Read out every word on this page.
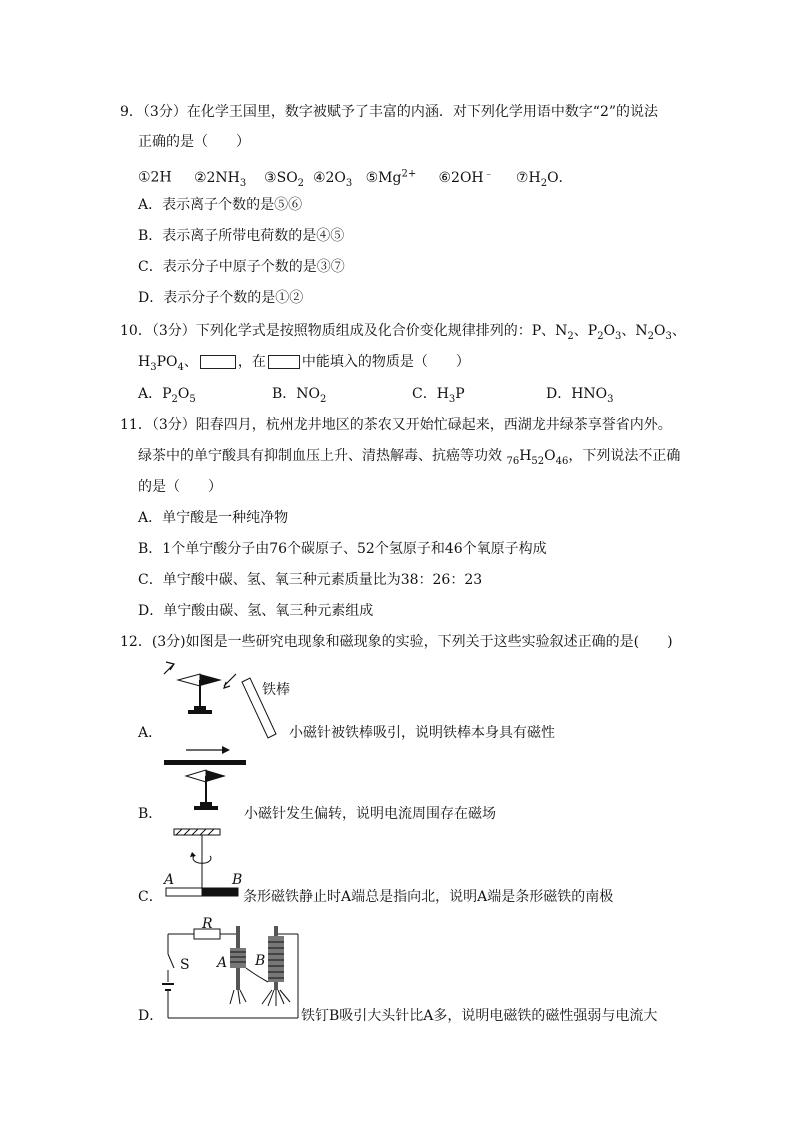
9．（3分）在化学王国里，数字被赋予了丰富的内涵．对下列化学用语中数字“2”的说法
正确的是（　　）
①2H $②2NH_3$ $③SO_2$ $④2O_3$ $⑤Mg^{2+}$ ⑥2OH﹣ $⑦H_2O$．
A．表示离子个数的是⑤⑥
B．表示离子所带电荷数的是④⑤
C．表示分子中原子个数的是③⑦
D．表示分子个数的是①②
10．（3分）下列化学式是按照物质组成及化合价变化规律排列的：P、$N_2$、$P_2O_3$、$N_2O_3$、
$H_3PO_4$、	，在	中能填入的物质是（　　）
A．$P_2O_5$	B．$NO_2$	C．$H_3P$	D．$HNO_3$
11．（3分）阳春四月，杭州龙井地区的茶农又开始忙碌起来，西湖龙井绿茶享誉省内外。
绿茶中的单宁酸具有抑制血压上升、清热解毒、抗癌等功效 $_{76}H_{52}O_{46}$，下列说法不正确
的是（　　）
A．单宁酸是一种纯净物
B．1个单宁酸分子由76个碳原子、52个氢原子和46个氧原子构成
C．单宁酸中碳、氢、氧三种元素质量比为38：26：23
D．单宁酸由碳、氢、氧三种元素组成
12．(3分)如图是一些研究电现象和磁现象的实验，下列关于这些实验叙述正确的是(　　)
A．
铁棒
小磁针被铁棒吸引，说明铁棒本身具有磁性
B．	小磁针发生偏转，说明电流周围存在磁场
C．
A	B
条形磁铁静止时A端总是指向北，说明A端是条形磁铁的南极
D．
R
S A B
铁钉B吸引大头针比A多，说明电磁铁的磁性强弱与电流大
